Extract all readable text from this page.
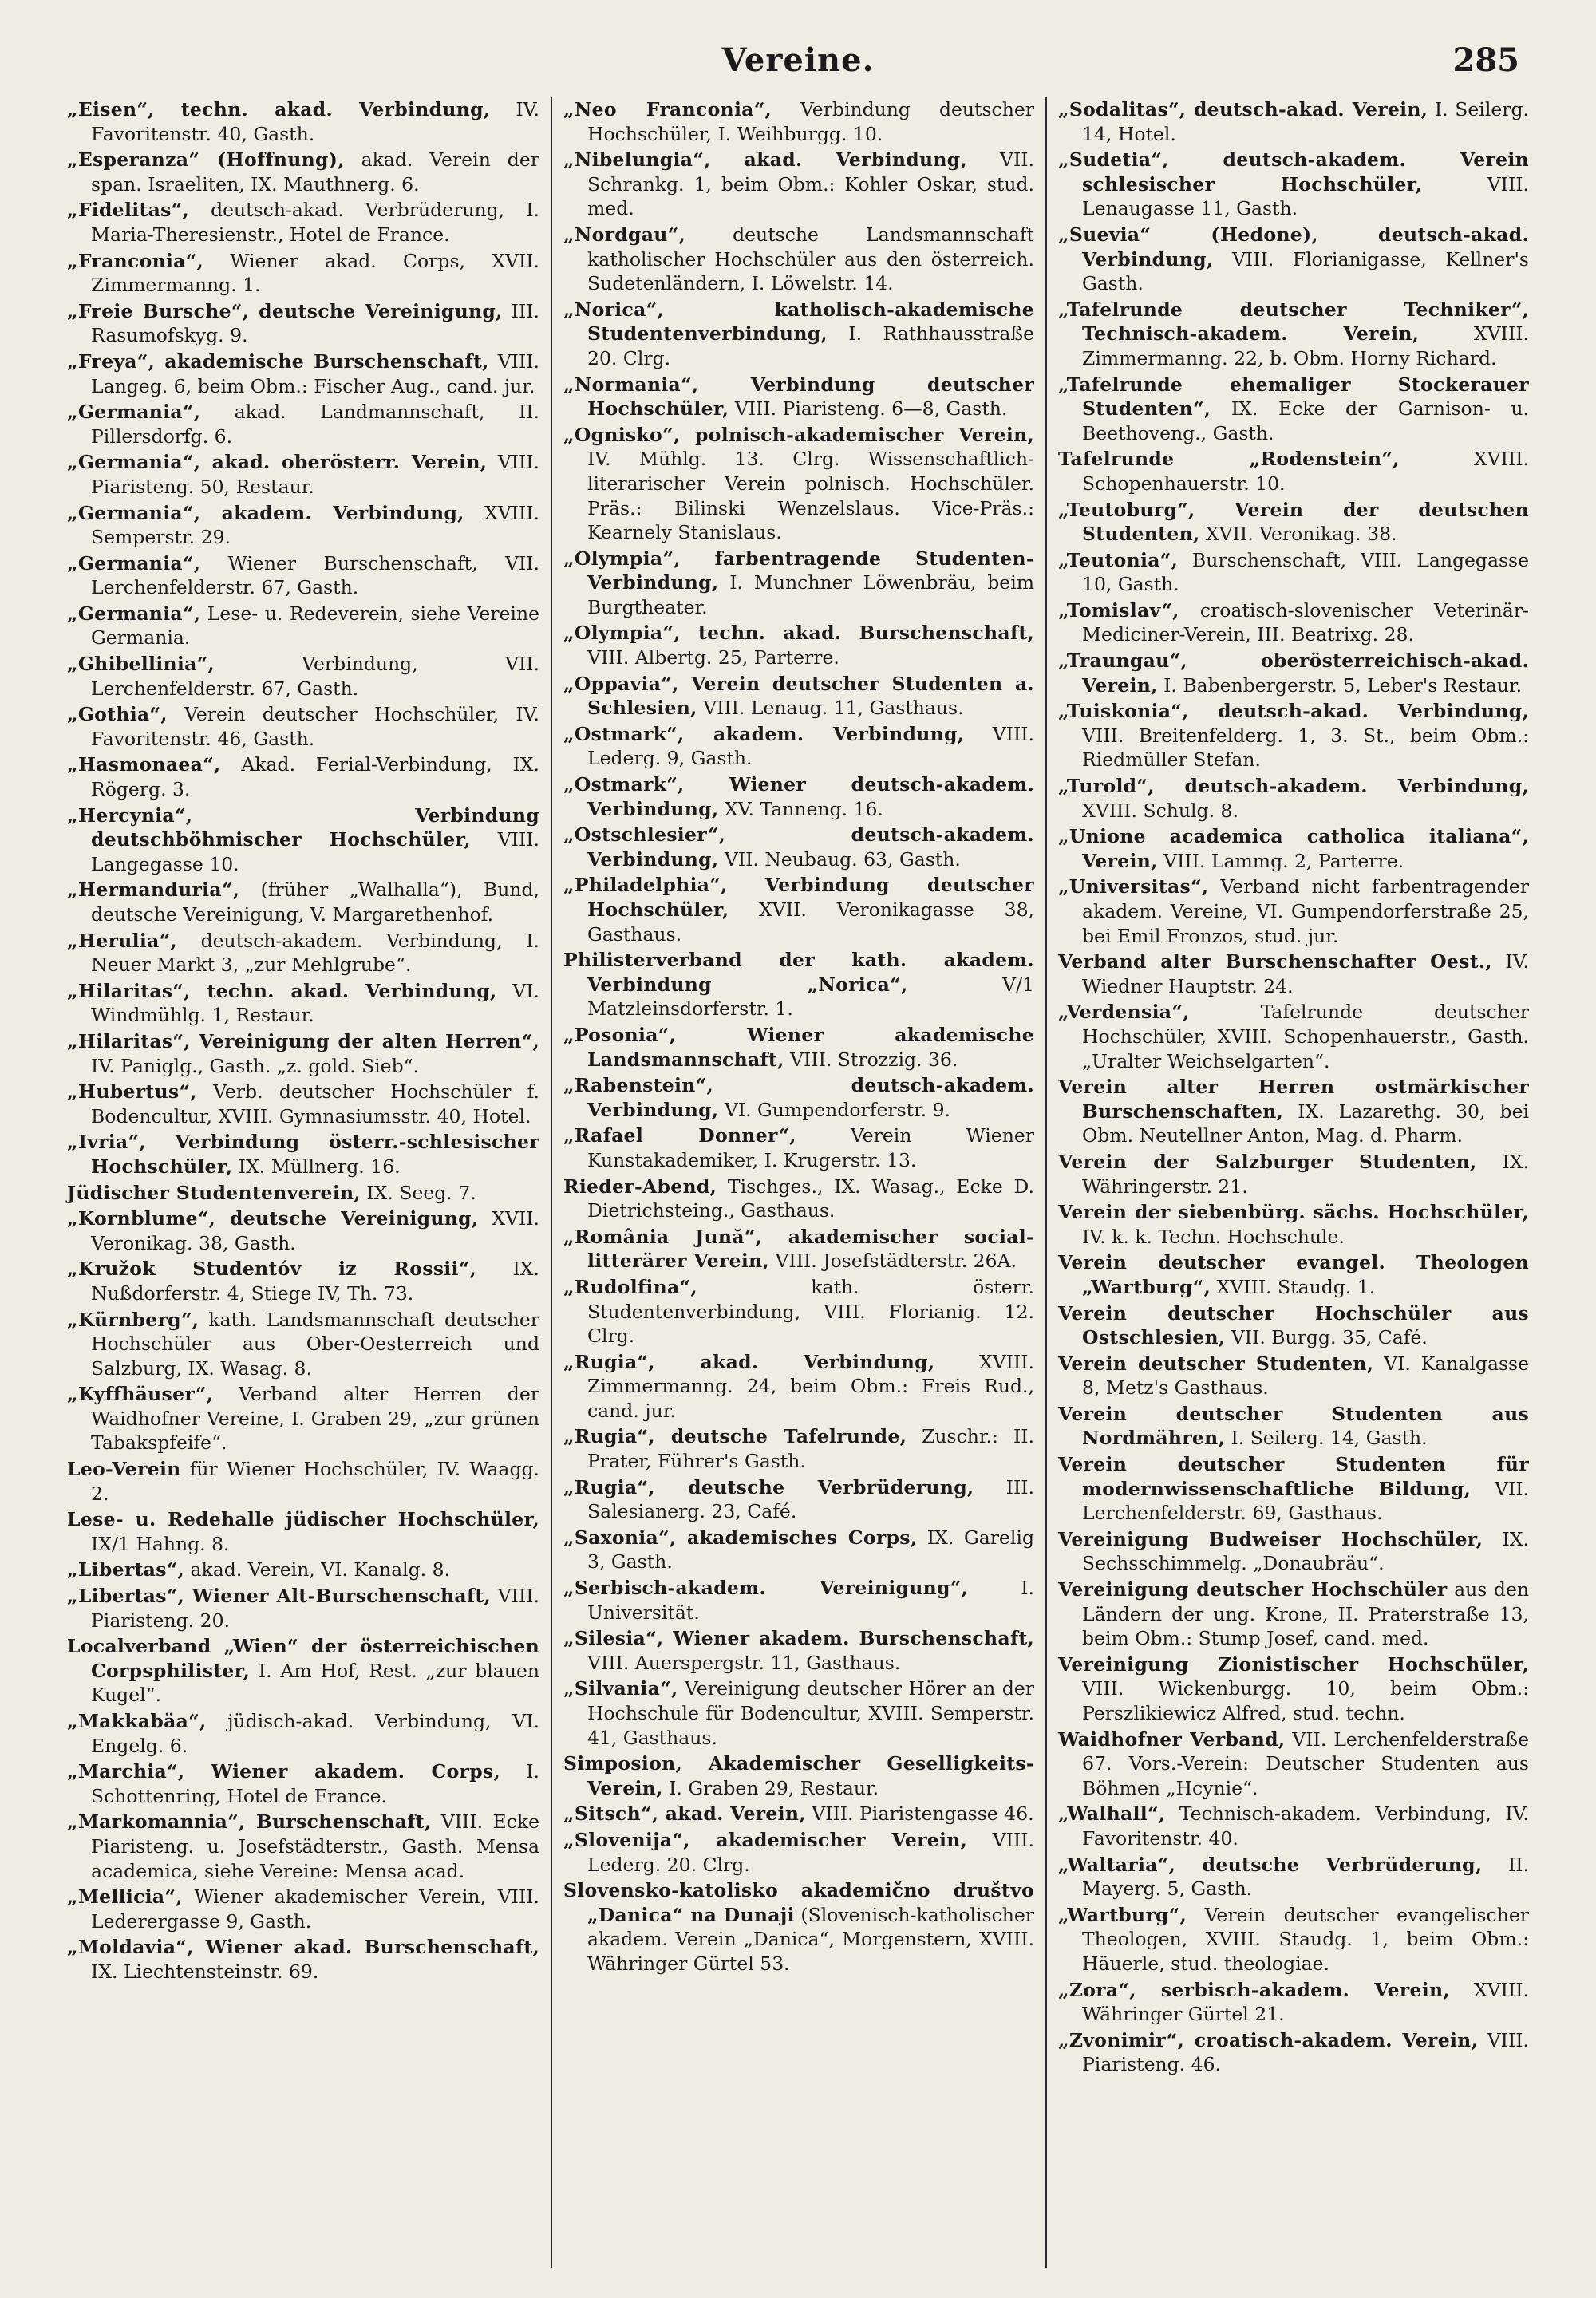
Vereine.	285

„Eisen“, techn. akad. Verbindung, IV. Favoritenstr. 40, Gasth.

„Esperanza“ (Hoffnung), akad. Verein der span. Israeliten, IX. Mauthnerg. 6.

„Fidelitas“, deutsch-akad. Verbrüderung, I. Maria-Theresienstr., Hotel de France.

„Franconia“, Wiener akad. Corps, XVII. Zimmermanng. 1.

„Freie Bursche“, deutsche Vereinigung, III. Rasumofskyg. 9.

„Freya“, akademische Burschenschaft, VIII. Langeg. 6, beim Obm.: Fischer Aug., cand. jur.

„Germania“, akad. Landmannschaft, II. Pillersdorfg. 6.

„Germania“, akad. oberösterr. Verein, VIII. Piaristeng. 50, Restaur.

„Germania“, akadem. Verbindung, XVIII. Semperstr. 29.

„Germania“, Wiener Burschenschaft, VII. Lerchenfelderstr. 67, Gasth.

„Germania“, Lese- u. Redeverein, siehe Vereine Germania.

„Ghibellinia“, Verbindung, VII. Lerchenfelderstr. 67, Gasth.

„Gothia“, Verein deutscher Hochschüler, IV. Favoritenstr. 46, Gasth.

„Hasmonaea“, Akad. Ferial-Verbindung, IX. Rögerg. 3.

„Hercynia“, Verbindung deutschböhmischer Hochschüler, VIII. Langegasse 10.

„Hermanduria“, (früher „Walhalla“), Bund, deutsche Vereinigung, V. Margarethenhof.

„Herulia“, deutsch-akadem. Verbindung, I. Neuer Markt 3, „zur Mehlgrube“.

„Hilaritas“, techn. akad. Verbindung, VI. Windmühlg. 1, Restaur.

„Hilaritas“, Vereinigung der alten Herren“, IV. Paniglg., Gasth. „z. gold. Sieb“.

„Hubertus“, Verb. deutscher Hochschüler f. Bodencultur, XVIII. Gymnasiumsstr. 40, Hotel.

„Ivria“, Verbindung österr.-schlesischer Hochschüler, IX. Müllnerg. 16.

Jüdischer Studentenverein, IX. Seeg. 7.

„Kornblume“, deutsche Vereinigung, XVII. Veronikag. 38, Gasth.

„Kružok Studentóv iz Rossii“, IX. Nußdorferstr. 4, Stiege IV, Th. 73.

„Kürnberg“, kath. Landsmannschaft deutscher Hochschüler aus Ober-Oesterreich und Salzburg, IX. Wasag. 8.

„Kyffhäuser“, Verband alter Herren der Waidhofner Vereine, I. Graben 29, „zur grünen Tabakspfeife“.

Leo-Verein für Wiener Hochschüler, IV. Waagg. 2.

Lese- u. Redehalle jüdischer Hochschüler, IX/1 Hahng. 8.

„Libertas“, akad. Verein, VI. Kanalg. 8.

„Libertas“, Wiener Alt-Burschenschaft, VIII. Piaristeng. 20.

Localverband „Wien“ der österreichischen Corpsphilister, I. Am Hof, Rest. „zur blauen Kugel“.

„Makkabäa“, jüdisch-akad. Verbindung, VI. Engelg. 6.

„Marchia“, Wiener akadem. Corps, I. Schottenring, Hotel de France.

„Markomannia“, Burschenschaft, VIII. Ecke Piaristeng. u. Josefstädterstr., Gasth. Mensa academica, siehe Vereine: Mensa acad.

„Mellicia“, Wiener akademischer Verein, VIII. Lederergasse 9, Gasth.

„Moldavia“, Wiener akad. Burschenschaft, IX. Liechtensteinstr. 69.

„Neo Franconia“, Verbindung deutscher Hochschüler, I. Weihburgg. 10.

„Nibelungia“, akad. Verbindung, VII. Schrankg. 1, beim Obm.: Kohler Oskar, stud. med.

„Nordgau“, deutsche Landsmannschaft katholischer Hochschüler aus den österreich. Sudetenländern, I. Löwelstr. 14.

„Norica“, katholisch-akademische Studentenverbindung, I. Rathhausstraße 20. Clrg.

„Normania“, Verbindung deutscher Hochschüler, VIII. Piaristeng. 6—8, Gasth.

„Ognisko“, polnisch-akademischer Verein, IV. Mühlg. 13. Clrg. Wissenschaftlich-literarischer Verein polnisch. Hochschüler. Präs.: Bilinski Wenzelslaus. Vice-Präs.: Kearnely Stanislaus.

„Olympia“, farbentragende Studenten-Verbindung, I. Munchner Löwenbräu, beim Burgtheater.

„Olympia“, techn. akad. Burschenschaft, VIII. Albertg. 25, Parterre.

„Oppavia“, Verein deutscher Studenten a. Schlesien, VIII. Lenaug. 11, Gasthaus.

„Ostmark“, akadem. Verbindung, VIII. Lederg. 9, Gasth.

„Ostmark“, Wiener deutsch-akadem. Verbindung, XV. Tanneng. 16.

„Ostschlesier“, deutsch-akadem. Verbindung, VII. Neubaug. 63, Gasth.

„Philadelphia“, Verbindung deutscher Hochschüler, XVII. Veronikagasse 38, Gasthaus.

Philisterverband der kath. akadem. Verbindung „Norica“, V/1 Matzleinsdorferstr. 1.

„Posonia“, Wiener akademische Landsmannschaft, VIII. Strozzig. 36.

„Rabenstein“, deutsch-akadem. Verbindung, VI. Gumpendorferstr. 9.

„Rafael Donner“, Verein Wiener Kunstakademiker, I. Krugerstr. 13.

Rieder-Abend, Tischges., IX. Wasag., Ecke D. Dietrichsteing., Gasthaus.

„România Jună“, akademischer social-litterärer Verein, VIII. Josefstädterstr. 26A.

„Rudolfina“, kath. österr. Studentenverbindung, VIII. Florianig. 12. Clrg.

„Rugia“, akad. Verbindung, XVIII. Zimmermanng. 24, beim Obm.: Freis Rud., cand. jur.

„Rugia“, deutsche Tafelrunde, Zuschr.: II. Prater, Führer's Gasth.

„Rugia“, deutsche Verbrüderung, III. Salesianerg. 23, Café.

„Saxonia“, akademisches Corps, IX. Garelig 3, Gasth.

„Serbisch-akadem. Vereinigung“, I. Universität.

„Silesia“, Wiener akadem. Burschenschaft, VIII. Auerspergstr. 11, Gasthaus.

„Silvania“, Vereinigung deutscher Hörer an der Hochschule für Bodencultur, XVIII. Semperstr. 41, Gasthaus.

Simposion, Akademischer Geselligkeits-Verein, I. Graben 29, Restaur.

„Sitsch“, akad. Verein, VIII. Piaristengasse 46.

„Slovenija“, akademischer Verein, VIII. Lederg. 20. Clrg.

Slovensko-katolisko akademično društvo „Danica“ na Dunaji (Slovenisch-katholischer akadem. Verein „Danica“, Morgenstern, XVIII. Währinger Gürtel 53.

„Sodalitas“, deutsch-akad. Verein, I. Seilerg. 14, Hotel.

„Sudetia“, deutsch-akadem. Verein schlesischer Hochschüler, VIII. Lenaugasse 11, Gasth.

„Suevia“ (Hedone), deutsch-akad. Verbindung, VIII. Florianigasse, Kellner's Gasth.

„Tafelrunde deutscher Techniker“, Technisch-akadem. Verein, XVIII. Zimmermanng. 22, b. Obm. Horny Richard.

„Tafelrunde ehemaliger Stockerauer Studenten“, IX. Ecke der Garnison- u. Beethoveng., Gasth.

Tafelrunde „Rodenstein“, XVIII. Schopenhauerstr. 10.

„Teutoburg“, Verein der deutschen Studenten, XVII. Veronikag. 38.

„Teutonia“, Burschenschaft, VIII. Langegasse 10, Gasth.

„Tomislav“, croatisch-slovenischer Veterinär-Mediciner-Verein, III. Beatrixg. 28.

„Traungau“, oberösterreichisch-akad. Verein, I. Babenbergerstr. 5, Leber's Restaur.

„Tuiskonia“, deutsch-akad. Verbindung, VIII. Breitenfelderg. 1, 3. St., beim Obm.: Riedmüller Stefan.

„Turold“, deutsch-akadem. Verbindung, XVIII. Schulg. 8.

„Unione academica catholica italiana“, Verein, VIII. Lammg. 2, Parterre.

„Universitas“, Verband nicht farbentragender akadem. Vereine, VI. Gumpendorferstraße 25, bei Emil Fronzos, stud. jur.

Verband alter Burschenschafter Oest., IV. Wiedner Hauptstr. 24.

„Verdensia“, Tafelrunde deutscher Hochschüler, XVIII. Schopenhauerstr., Gasth. „Uralter Weichselgarten“.

Verein alter Herren ostmärkischer Burschenschaften, IX. Lazarethg. 30, bei Obm. Neutellner Anton, Mag. d. Pharm.

Verein der Salzburger Studenten, IX. Währingerstr. 21.

Verein der siebenbürg. sächs. Hochschüler, IV. k. k. Techn. Hochschule.

Verein deutscher evangel. Theologen „Wartburg“, XVIII. Staudg. 1.

Verein deutscher Hochschüler aus Ostschlesien, VII. Burgg. 35, Café.

Verein deutscher Studenten, VI. Kanalgasse 8, Metz's Gasthaus.

Verein deutscher Studenten aus Nordmähren, I. Seilerg. 14, Gasth.

Verein deutscher Studenten für modernwissenschaftliche Bildung, VII. Lerchenfelderstr. 69, Gasthaus.

Vereinigung Budweiser Hochschüler, IX. Sechsschimmelg. „Donaubräu“.

Vereinigung deutscher Hochschüler aus den Ländern der ung. Krone, II. Praterstraße 13, beim Obm.: Stump Josef, cand. med.

Vereinigung Zionistischer Hochschüler, VIII. Wickenburgg. 10, beim Obm.: Perszlikiewicz Alfred, stud. techn.

Waidhofner Verband, VII. Lerchenfelderstraße 67. Vors.-Verein: Deutscher Studenten aus Böhmen „Hcynie“.

„Walhall“, Technisch-akadem. Verbindung, IV. Favoritenstr. 40.

„Waltaria“, deutsche Verbrüderung, II. Mayerg. 5, Gasth.

„Wartburg“, Verein deutscher evangelischer Theologen, XVIII. Staudg. 1, beim Obm.: Häuerle, stud. theologiae.

„Zora“, serbisch-akadem. Verein, XVIII. Währinger Gürtel 21.

„Zvonimir“, croatisch-akadem. Verein, VIII. Piaristeng. 46.
